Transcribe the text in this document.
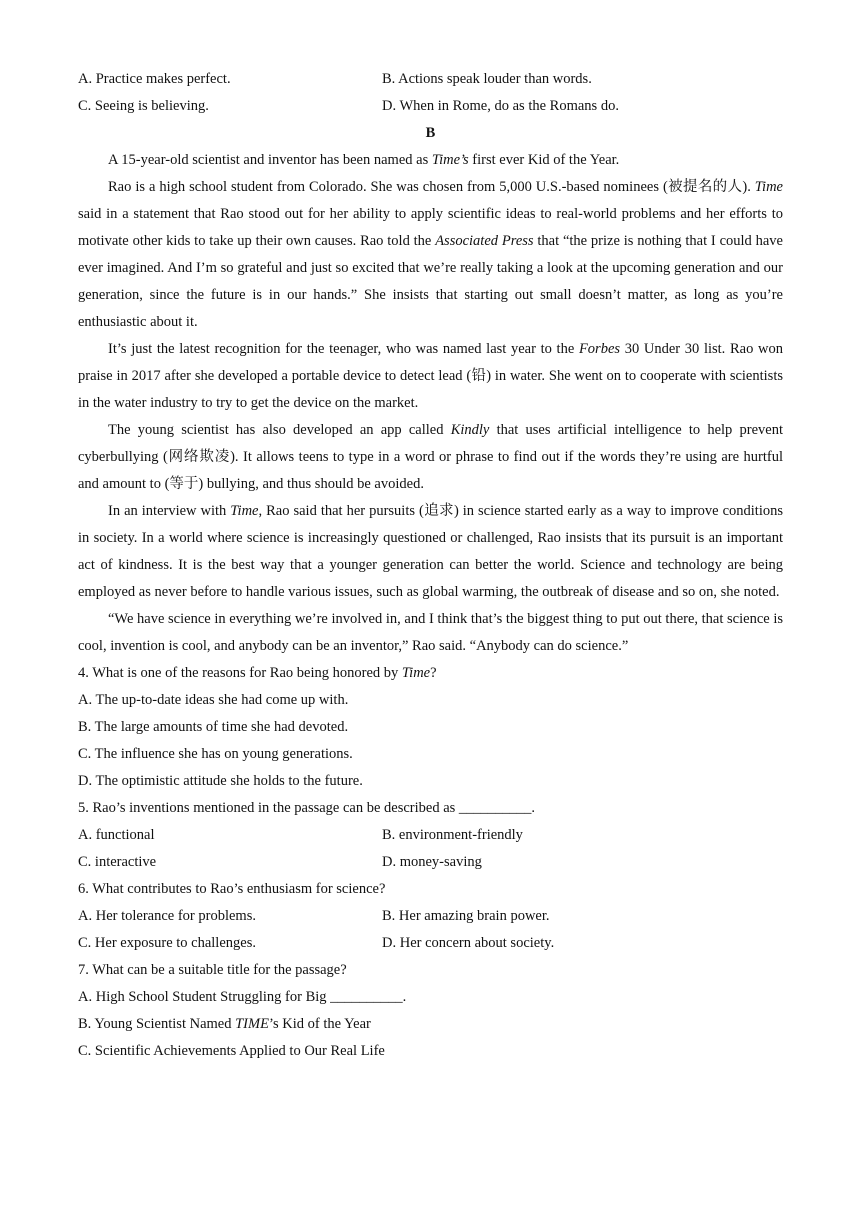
A. Practice makes perfect.	B. Actions speak louder than words.
C. Seeing is believing.	D. When in Rome, do as the Romans do.
B

A 15-year-old scientist and inventor has been named as Time’s first ever Kid of the Year.

Rao is a high school student from Colorado. She was chosen from 5,000 U.S.-based nominees (被提名的人). Time said in a statement that Rao stood out for her ability to apply scientific ideas to real-world problems and her efforts to motivate other kids to take up their own causes. Rao told the Associated Press that “the prize is nothing that I could have ever imagined. And I’m so grateful and just so excited that we’re really taking a look at the upcoming generation and our generation, since the future is in our hands.” She insists that starting out small doesn’t matter, as long as you’re enthusiastic about it.

It’s just the latest recognition for the teenager, who was named last year to the Forbes 30 Under 30 list. Rao won praise in 2017 after she developed a portable device to detect lead (铅) in water. She went on to cooperate with scientists in the water industry to try to get the device on the market.

The young scientist has also developed an app called Kindly that uses artificial intelligence to help prevent cyberbullying (网络欺凌). It allows teens to type in a word or phrase to find out if the words they’re using are hurtful and amount to (等于) bullying, and thus should be avoided.

In an interview with Time, Rao said that her pursuits (追求) in science started early as a way to improve conditions in society. In a world where science is increasingly questioned or challenged, Rao insists that its pursuit is an important act of kindness. It is the best way that a younger generation can better the world. Science and technology are being employed as never before to handle various issues, such as global warming, the outbreak of disease and so on, she noted.

“We have science in everything we’re involved in, and I think that’s the biggest thing to put out there, that science is cool, invention is cool, and anybody can be an inventor,” Rao said. “Anybody can do science.”

4. What is one of the reasons for Rao being honored by Time?
A. The up-to-date ideas she had come up with.
B. The large amounts of time she had devoted.
C. The influence she has on young generations.
D. The optimistic attitude she holds to the future.
5. Rao’s inventions mentioned in the passage can be described as __________.
A. functional	B. environment-friendly
C. interactive	D. money-saving
6. What contributes to Rao’s enthusiasm for science?
A. Her tolerance for problems.	B. Her amazing brain power.
C. Her exposure to challenges.	D. Her concern about society.
7. What can be a suitable title for the passage?
A. High School Student Struggling for Big __________.
B. Young Scientist Named TIME’s Kid of the Year
C. Scientific Achievements Applied to Our Real Life
